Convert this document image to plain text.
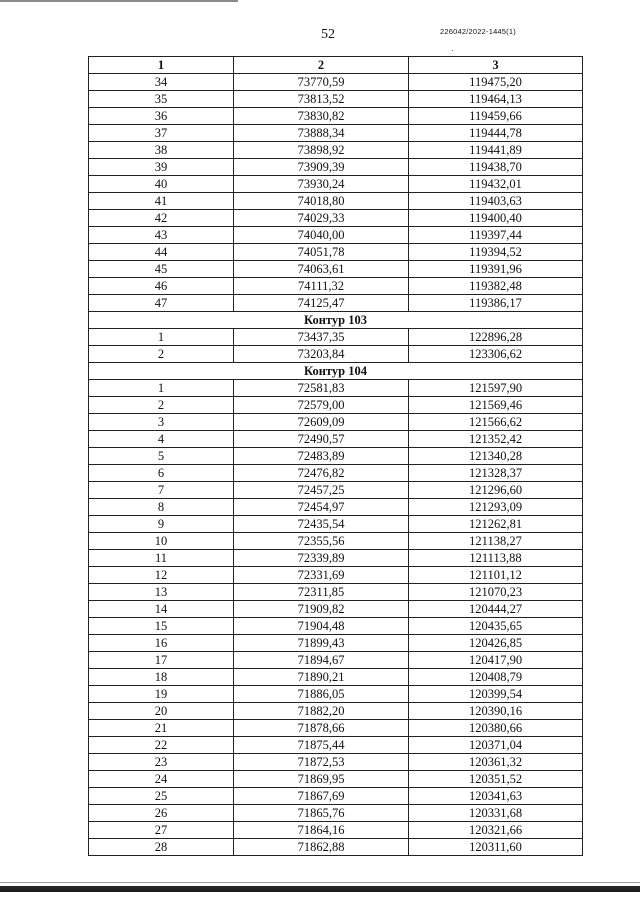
52	226042/2022-1445(1)
1	2	3
34	73770,59	119475,20
35	73813,52	119464,13
36	73830,82	119459,66
37	73888,34	119444,78
38	73898,92	119441,89
39	73909,39	119438,70
40	73930,24	119432,01
41	74018,80	119403,63
42	74029,33	119400,40
43	74040,00	119397,44
44	74051,78	119394,52
45	74063,61	119391,96
46	74111,32	119382,48
47	74125,47	119386,17
Контур 103		
1	73437,35	122896,28
2	73203,84	123306,62
Контур 104		
1	72581,83	121597,90
2	72579,00	121569,46
3	72609,09	121566,62
4	72490,57	121352,42
5	72483,89	121340,28
6	72476,82	121328,37
7	72457,25	121296,60
8	72454,97	121293,09
9	72435,54	121262,81
10	72355,56	121138,27
11	72339,89	121113,88
12	72331,69	121101,12
13	72311,85	121070,23
14	71909,82	120444,27
15	71904,48	120435,65
16	71899,43	120426,85
17	71894,67	120417,90
18	71890,21	120408,79
19	71886,05	120399,54
20	71882,20	120390,16
21	71878,66	120380,66
22	71875,44	120371,04
23	71872,53	120361,32
24	71869,95	120351,52
25	71867,69	120341,63
26	71865,76	120331,68
27	71864,16	120321,66
28	71862,88	120311,60
